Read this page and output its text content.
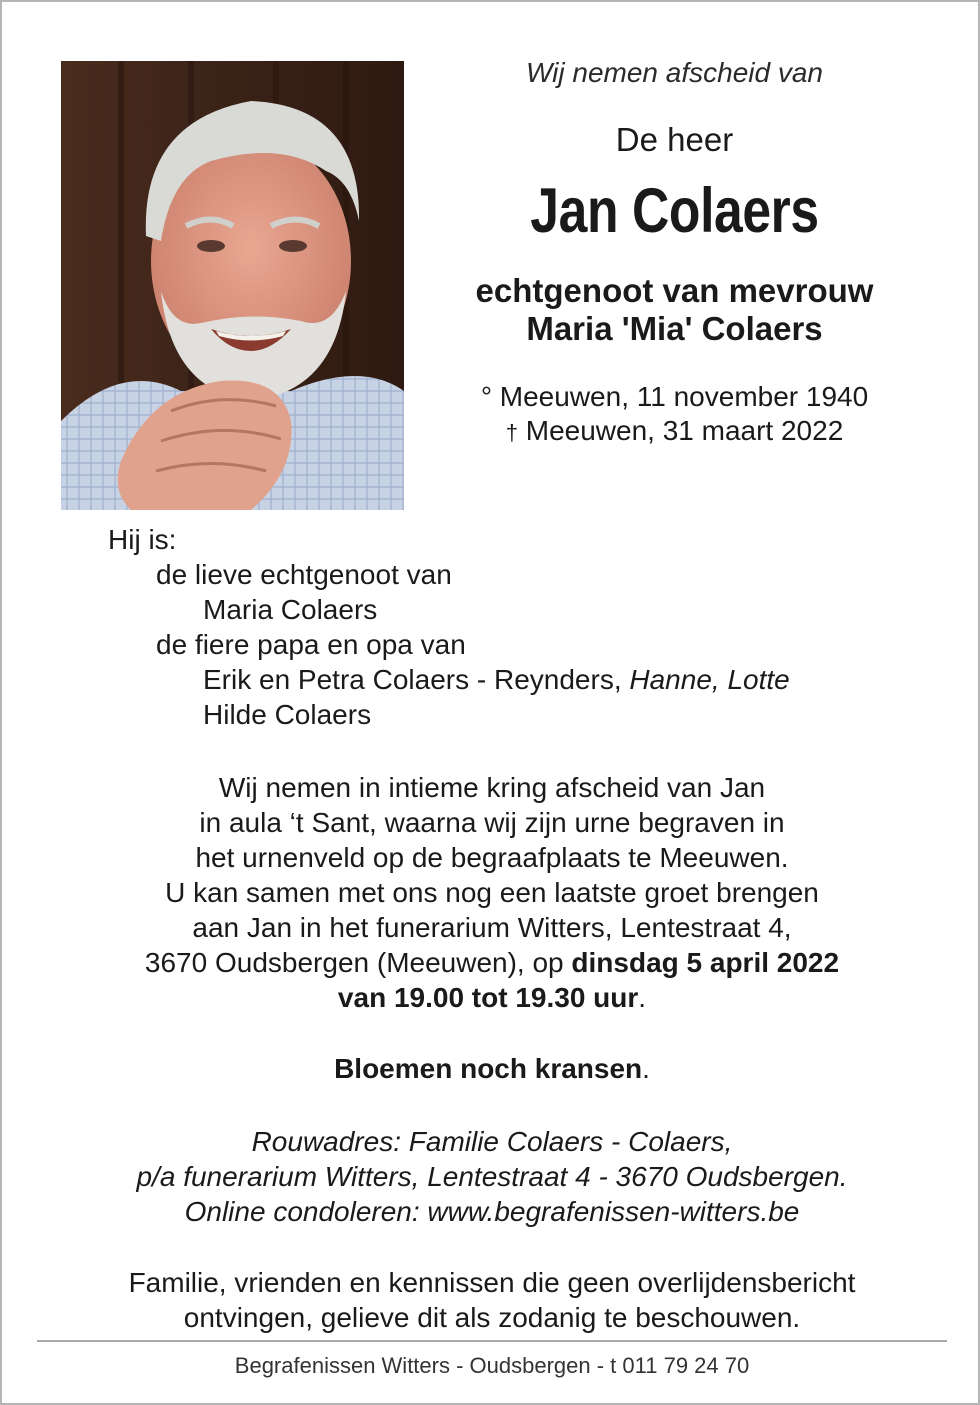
Wij nemen afscheid van
De heer
Jan Colaers
echtgenoot van mevrouw
Maria 'Mia' Colaers
° Meeuwen, 11 november 1940
† Meeuwen, 31 maart 2022
Hij is:
de lieve echtgenoot van
Maria Colaers
de fiere papa en opa van
Erik en Petra Colaers - Reynders, Hanne, Lotte
Hilde Colaers
Wij nemen in intieme kring afscheid van Jan
in aula ‘t Sant, waarna wij zijn urne begraven in
het urnenveld op de begraafplaats te Meeuwen.
U kan samen met ons nog een laatste groet brengen
aan Jan in het funerarium Witters, Lentestraat 4,
3670 Oudsbergen (Meeuwen), op dinsdag 5 april 2022
van 19.00 tot 19.30 uur.
Bloemen noch kransen.
Rouwadres: Familie Colaers - Colaers,
p/a funerarium Witters, Lentestraat 4 - 3670 Oudsbergen.
Online condoleren: www.begrafenissen-witters.be
Familie, vrienden en kennissen die geen overlijdensbericht
ontvingen, gelieve dit als zodanig te beschouwen.
Begrafenissen Witters - Oudsbergen - t 011 79 24 70
